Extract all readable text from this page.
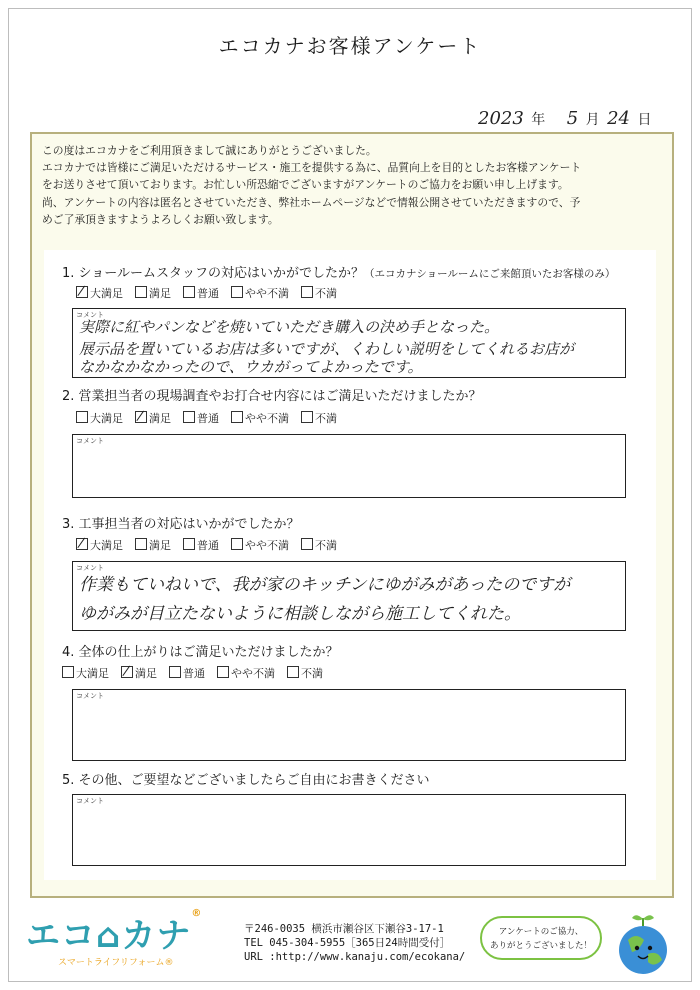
エコカナお客様アンケート
2023 年 5 月 24 日
この度はエコカナをご利用頂きまして誠にありがとうございました。
エコカナでは皆様にご満足いただけるサービス・施工を提供する為に、品質向上を目的としたお客様アンケート
をお送りさせて頂いております。お忙しい所恐縮でございますがアンケートのご協力をお願い申し上げます。
尚、アンケートの内容は匿名とさせていただき、弊社ホームページなどで情報公開させていただきますので、予
めご了承頂きますようよろしくお願い致します。
1. ショールームスタッフの対応はいかがでしたか？（エコカナショールームにご来館頂いたお客様のみ）
大満足 満足 普通 やや不満 不満
コメント
実際に紅やパンなどを焼いていただき購入の決め手となった。
展示品を置いているお店は多いですが、くわしい説明をしてくれるお店が
なかなかなかったので、ウカがってよかったです。
2. 営業担当者の現場調査やお打合せ内容にはご満足いただけましたか？
大満足 満足 普通 やや不満 不満
コメント
3. 工事担当者の対応はいかがでしたか？
大満足 満足 普通 やや不満 不満
コメント
作業もていねいで、我が家のキッチンにゆがみがあったのですが
ゆがみが目立たないように相談しながら施工してくれた。
4. 全体の仕上がりはご満足いただけましたか？
大満足 満足 普通 やや不満 不満
コメント
5. その他、ご要望などございましたらご自由にお書きください
コメント
エコ⌂カナ®
スマートライフリフォーム®
〒246-0035 横浜市瀬谷区下瀬谷3-17-1
TEL 045-304-5955［365日24時間受付］
URL :http://www.kanaju.com/ecokana/
アンケートのご協力、
ありがとうございました！
